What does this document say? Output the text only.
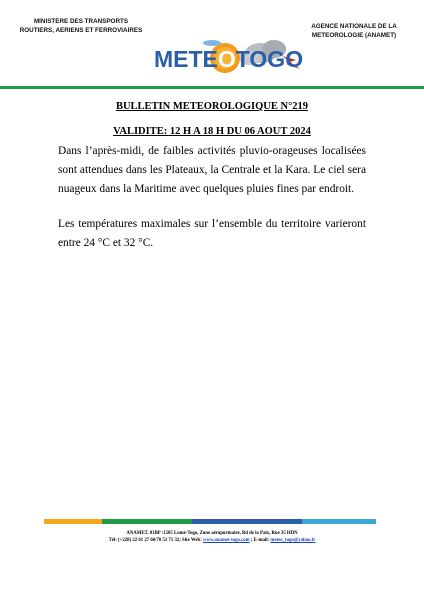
MINISTERE DES TRANSPORTS
ROUTIERS, AERIENS ET FERROVIAIRES
AGENCE NATIONALE DE LA
METEOROLOGIE (ANAMET)
METEOTOGO
BULLETIN METEOROLOGIQUE N°219
VALIDITE: 12 H A 18 H DU 06 AOUT 2024

Dans l’après-midi, de faibles activités pluvio-orageuses localisées sont attendues dans les Plateaux, la Centrale et la Kara. Le ciel sera nuageux dans la Maritime avec quelques pluies fines par endroit.

Les températures maximales sur l’ensemble du territoire varieront entre 24 °C et 32 °C.

ANAMET, 01BP :1505 Lomé-Togo, Zone aéroportuaire, Bd de la Paix, Rue 35 HDN
Tél: (+228) 22 61 27 60/70 51 71 32; Site Web: www.anamet-togo.com ; E-mail: meteo_togo@yahoo.fr
